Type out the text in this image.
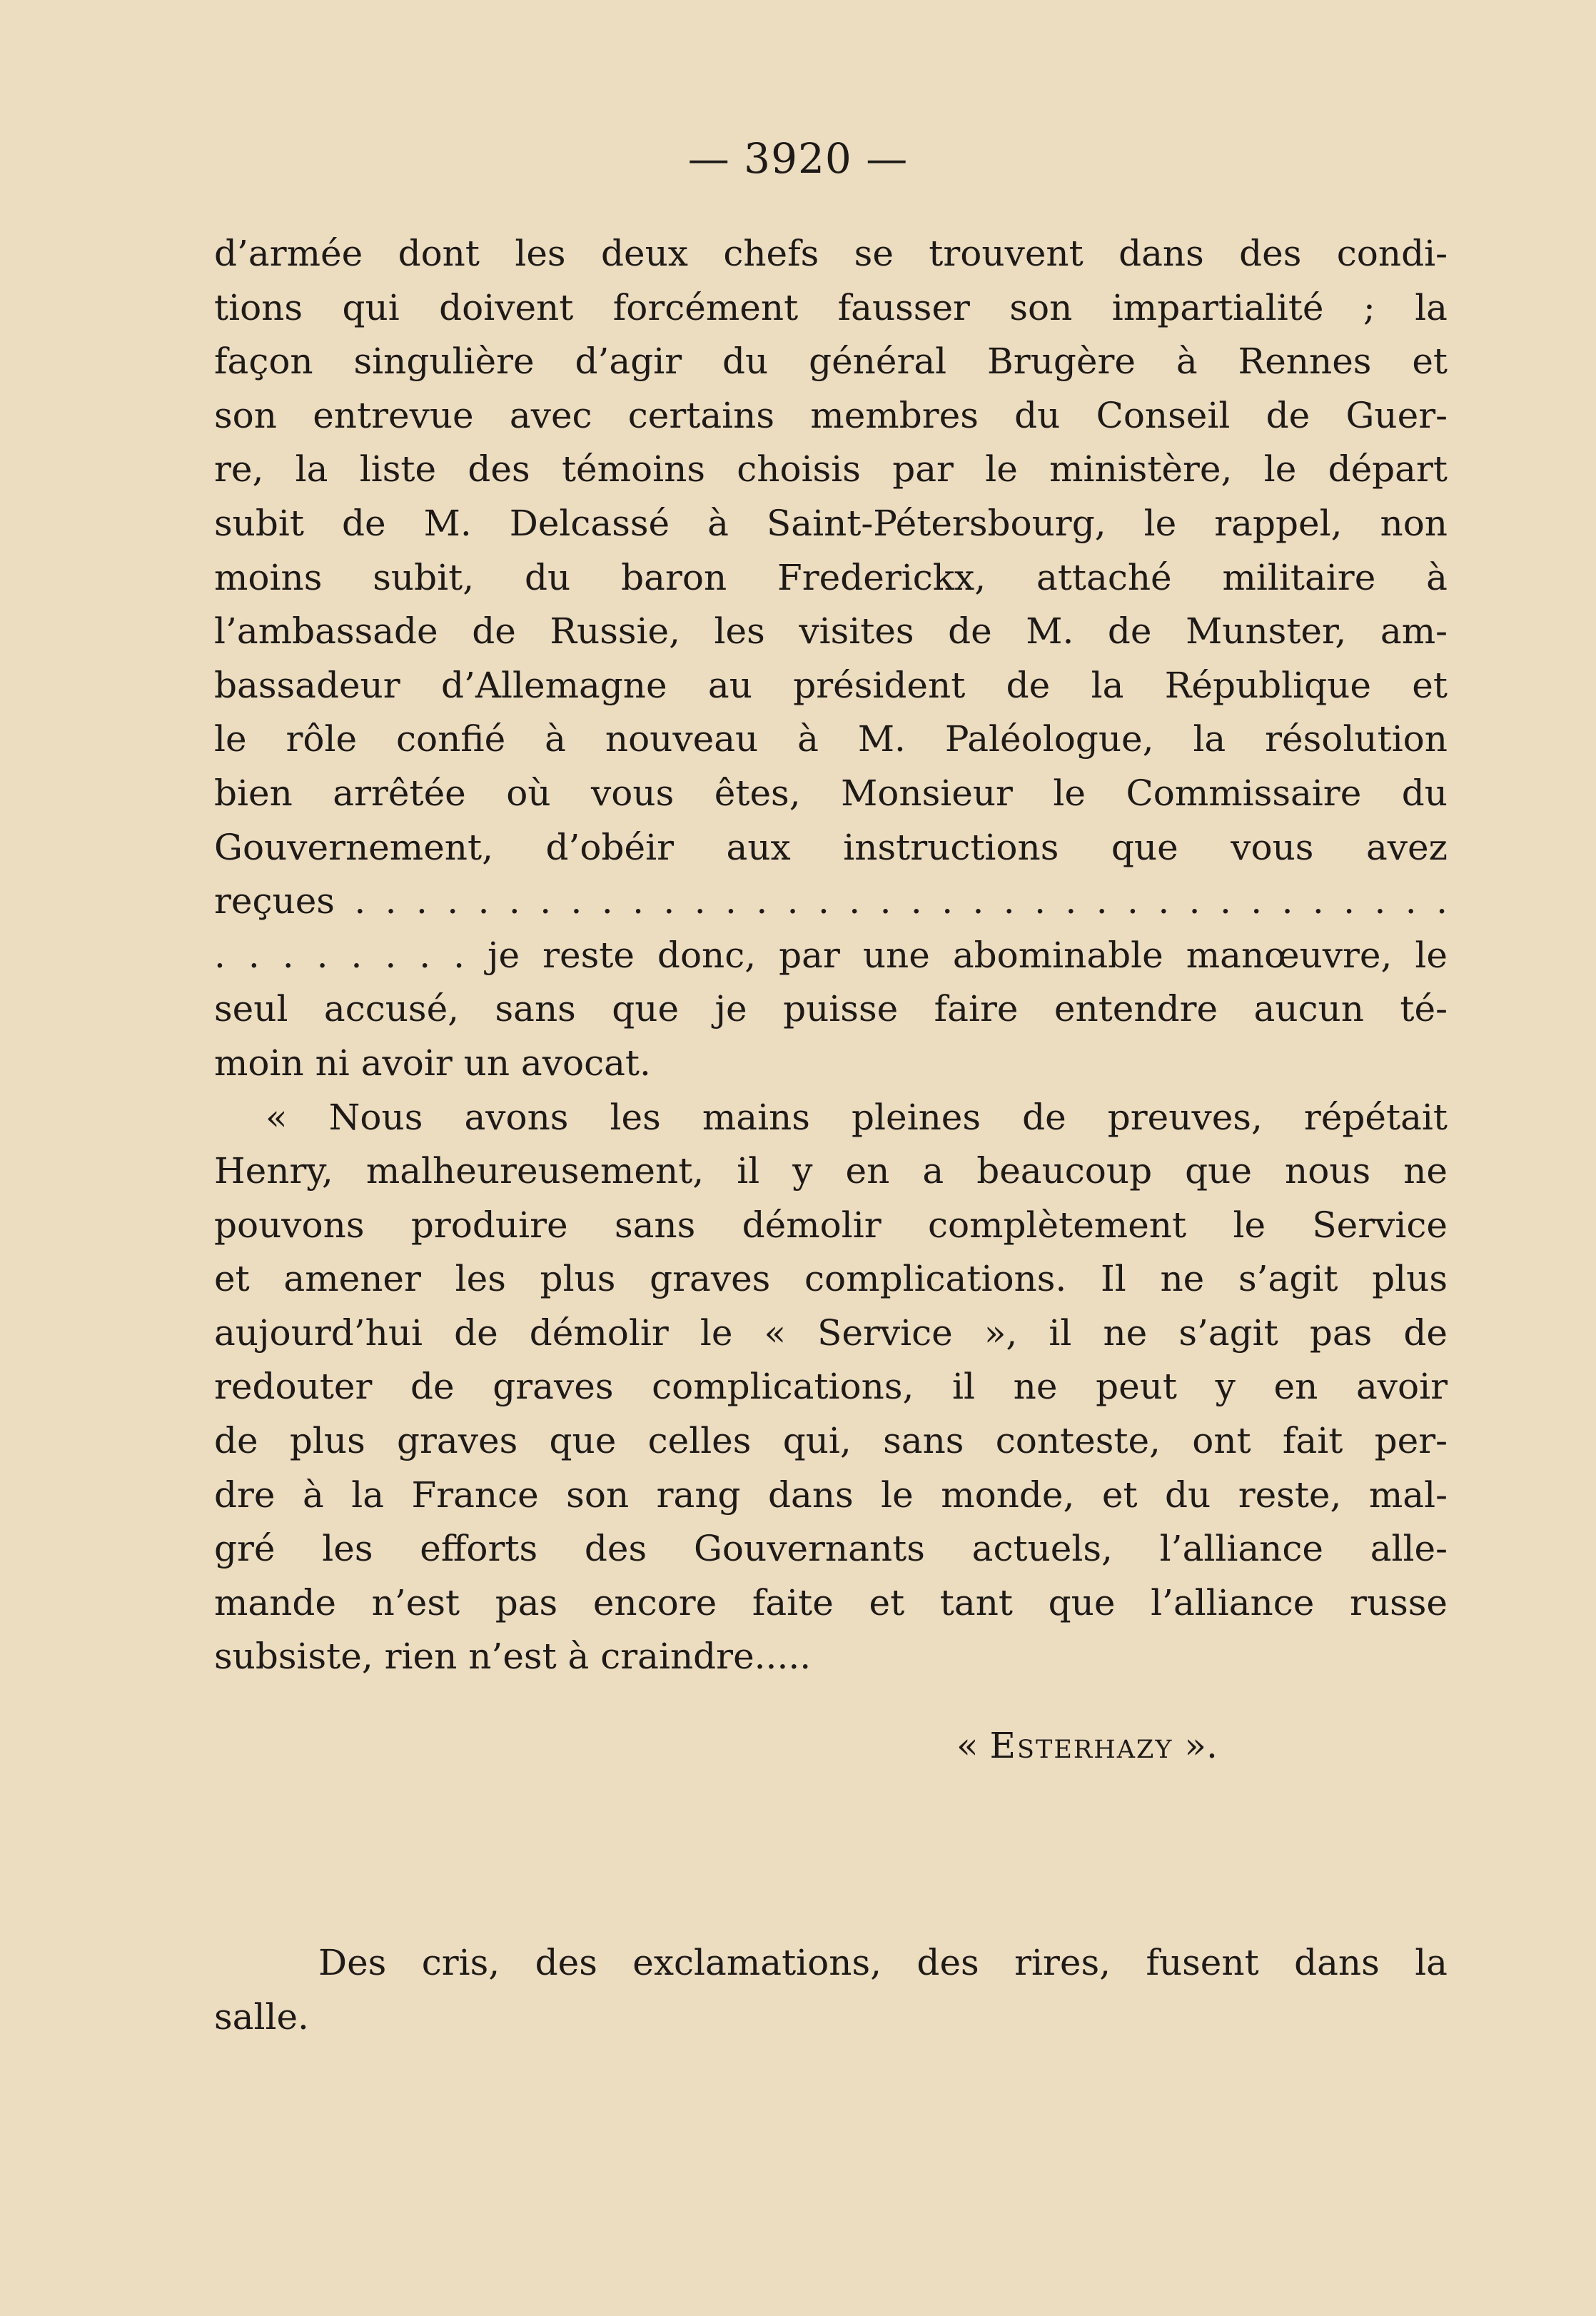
— 3920 —
d’armée dont les deux chefs se trouvent dans des condi-
tions qui doivent forcément fausser son impartialité ; la
façon singulière d’agir du général Brugère à Rennes et
son entrevue avec certains membres du Conseil de Guer-
re, la liste des témoins choisis par le ministère, le départ
subit de M. Delcassé à Saint-Pétersbourg, le rappel, non
moins subit, du baron Frederickx, attaché militaire à
l’ambassade de Russie, les visites de M. de Munster, am-
bassadeur d’Allemagne au président de la République et
le rôle confié à nouveau à M. Paléologue, la résolution
bien arrêtée où vous êtes, Monsieur le Commissaire du
Gouvernement, d’obéir aux instructions que vous avez
reçues . . . . . . . . . . . . . . . . . . . . . . . . . . . . . . . . . . . .
. . . . . . . . je reste donc, par une abominable manœuvre, le
seul accusé, sans que je puisse faire entendre aucun té-
moin ni avoir un avocat.
« Nous avons les mains pleines de preuves, répétait
Henry, malheureusement, il y en a beaucoup que nous ne
pouvons produire sans démolir complètement le Service
et amener les plus graves complications. Il ne s’agit plus
aujourd’hui de démolir le « Service », il ne s’agit pas de
redouter de graves complications, il ne peut y en avoir
de plus graves que celles qui, sans conteste, ont fait per-
dre à la France son rang dans le monde, et du reste, mal-
gré les efforts des Gouvernants actuels, l’alliance alle-
mande n’est pas encore faite et tant que l’alliance russe
subsiste, rien n’est à craindre.....
« Esterhazy ».
Des cris, des exclamations, des rires, fusent dans la
salle.
